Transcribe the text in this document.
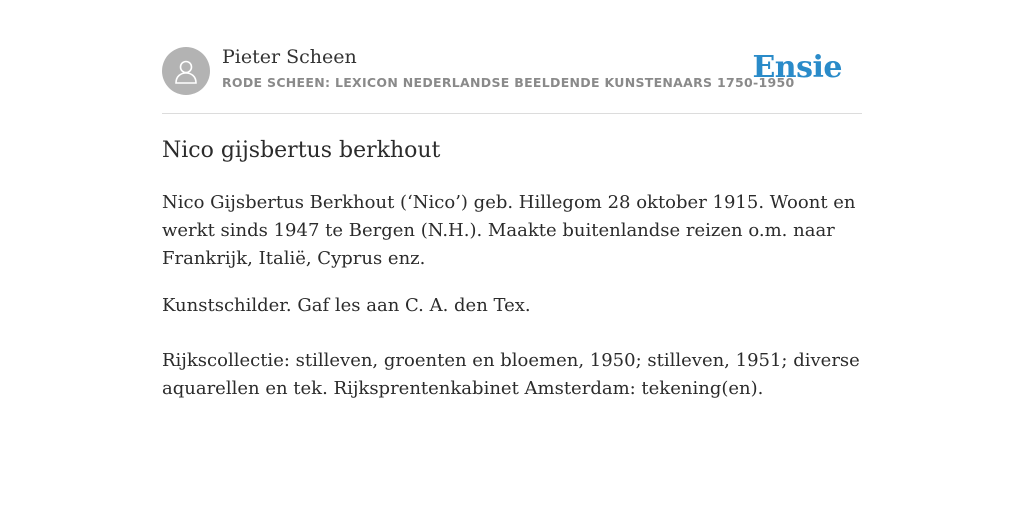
Pieter Scheen
RODE SCHEEN: LEXICON NEDERLANDSE BEELDENDE KUNSTENAARS 1750-1950
Ensie
Nico gijsbertus berkhout

Nico Gijsbertus Berkhout (‘Nico’) geb. Hillegom 28 oktober 1915. Woont en werkt sinds 1947 te Bergen (N.H.). Maakte buitenlandse reizen o.m. naar Frankrijk, Italië, Cyprus enz.

Kunstschilder. Gaf les aan C. A. den Tex.

Rijkscollectie: stilleven, groenten en bloemen, 1950; stilleven, 1951; diverse aquarellen en tek. Rijksprentenkabinet Amsterdam: tekening(en).
